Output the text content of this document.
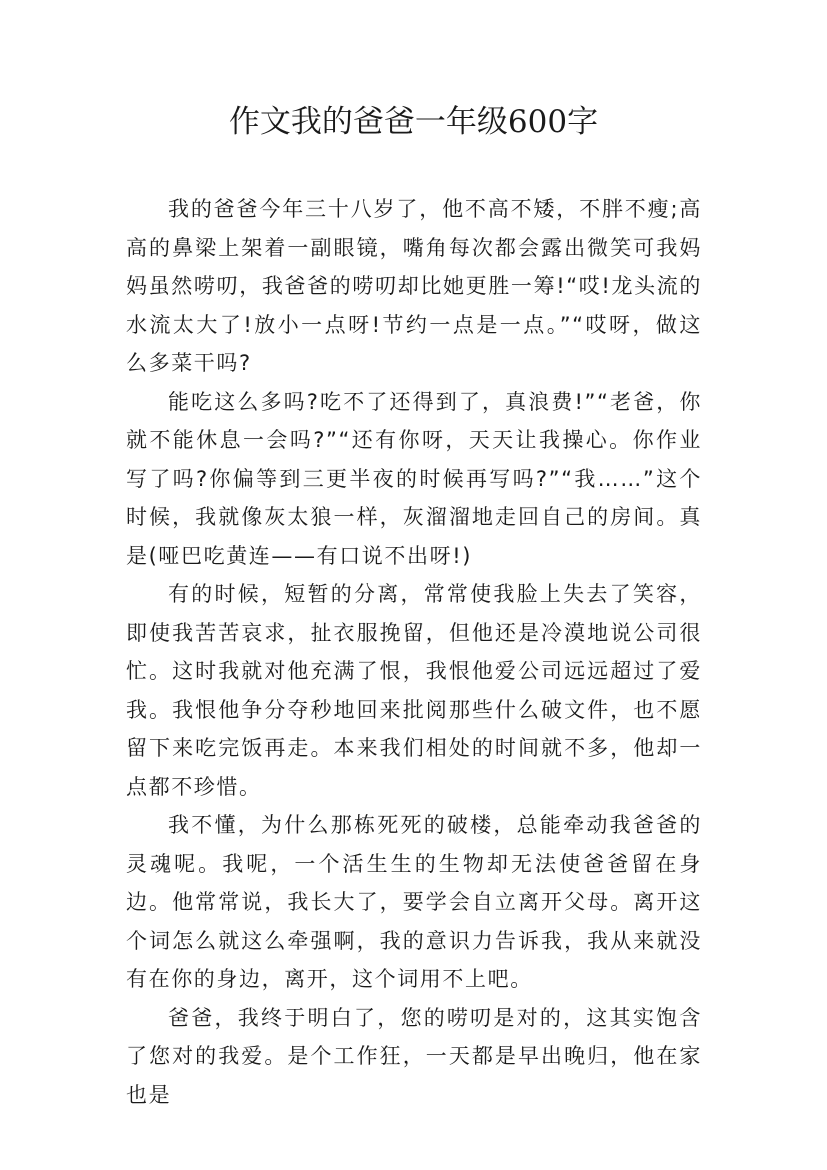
作文我的爸爸一年级600字

我的爸爸今年三十八岁了，他不高不矮，不胖不瘦;高高的鼻梁上架着一副眼镜，嘴角每次都会露出微笑可我妈妈虽然唠叨，我爸爸的唠叨却比她更胜一筹!“哎!龙头流的水流太大了!放小一点呀!节约一点是一点。”“哎呀，做这么多菜干吗?

能吃这么多吗?吃不了还得到了，真浪费!”“老爸，你就不能休息一会吗?”“还有你呀，天天让我操心。你作业写了吗?你偏等到三更半夜的时候再写吗?”“我……”这个时候，我就像灰太狼一样，灰溜溜地走回自己的房间。真是(哑巴吃黄连——有口说不出呀!)

有的时候，短暂的分离，常常使我脸上失去了笑容，即使我苦苦哀求，扯衣服挽留，但他还是冷漠地说公司很忙。这时我就对他充满了恨，我恨他爱公司远远超过了爱我。我恨他争分夺秒地回来批阅那些什么破文件，也不愿留下来吃完饭再走。本来我们相处的时间就不多，他却一点都不珍惜。

我不懂，为什么那栋死死的破楼，总能牵动我爸爸的灵魂呢。我呢，一个活生生的生物却无法使爸爸留在身边。他常常说，我长大了，要学会自立离开父母。离开这个词怎么就这么牵强啊，我的意识力告诉我，我从来就没有在你的身边，离开，这个词用不上吧。

爸爸，我终于明白了，您的唠叨是对的，这其实饱含了您对的我爱。是个工作狂，一天都是早出晚归，他在家也是
